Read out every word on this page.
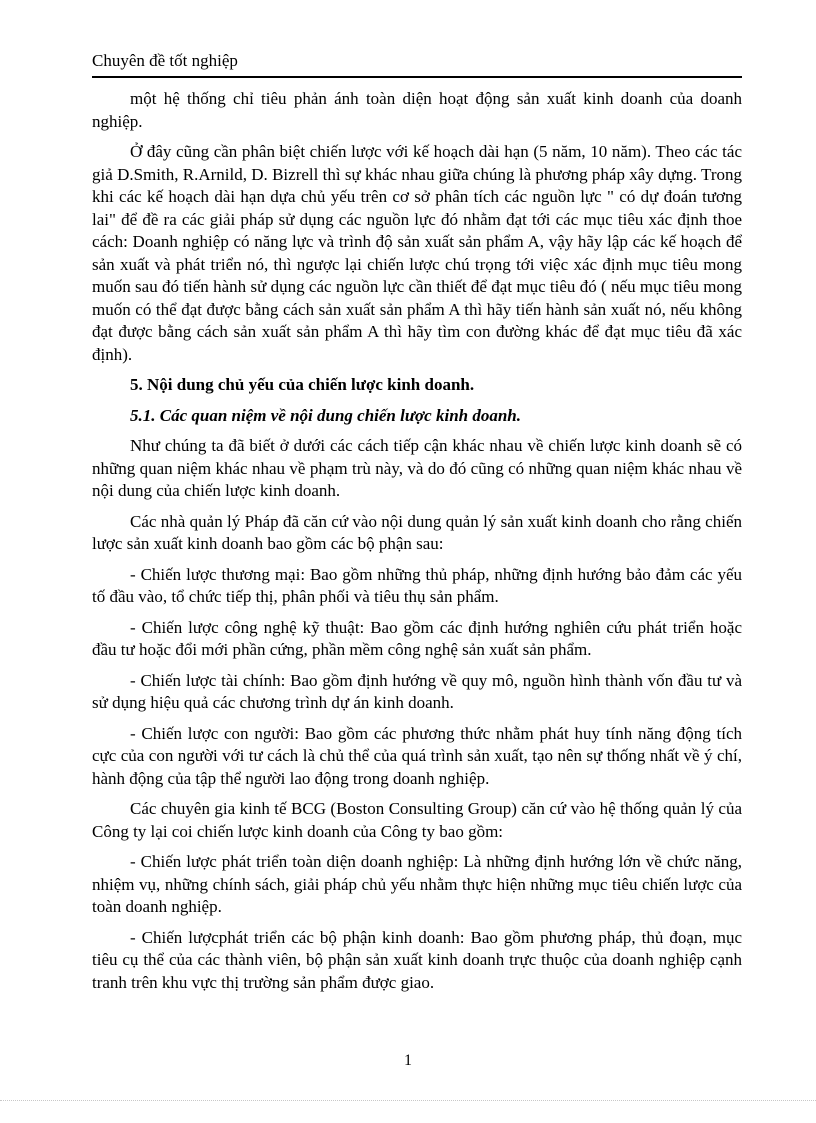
Chuyên đề tốt nghiệp

một hệ thống chỉ tiêu phản ánh toàn diện hoạt động sản xuất kinh doanh của doanh nghiệp.

Ở đây cũng cần phân biệt chiến lược với kế hoạch dài hạn (5 năm, 10 năm). Theo các tác giả D.Smith, R.Arnild, D. Bizrell thì sự khác nhau giữa chúng là phương pháp xây dựng. Trong khi các kế hoạch dài hạn dựa chủ yếu trên cơ sở phân tích các nguồn lực " có dự đoán tương lai" để đề ra các giải pháp sử dụng các nguồn lực đó nhằm đạt tới các mục tiêu xác định thoe cách: Doanh nghiệp có năng lực và trình độ sản xuất sản phẩm A, vậy hãy lập các kế hoạch để sản xuất và phát triển nó, thì ngược lại chiến lược chú trọng tới việc xác định mục tiêu mong muốn sau đó tiến hành sử dụng các nguồn lực cần thiết để đạt mục tiêu đó ( nếu mục tiêu mong muốn có thể đạt được bằng cách sản xuất sản phẩm A thì hãy tiến hành sản xuất nó, nếu không đạt được bằng cách sản xuất sản phẩm A thì hãy tìm con đường khác để đạt mục tiêu đã xác định).

5. Nội dung chủ yếu của chiến lược kinh doanh.
5.1. Các quan niệm về nội dung chiến lược kinh doanh.

Như chúng ta đã biết ở dưới các cách tiếp cận khác nhau về chiến lược kinh doanh sẽ có những quan niệm khác nhau về phạm trù này, và do đó cũng có những quan niệm khác nhau về nội dung của chiến lược kinh doanh.

Các nhà quản lý Pháp đã căn cứ vào nội dung quản lý sản xuất kinh doanh cho rằng chiến lược sản xuất kinh doanh bao gồm các bộ phận sau:

- Chiến lược thương mại: Bao gồm những thủ pháp, những định hướng bảo đảm các yếu tố đầu vào, tổ chức tiếp thị, phân phối và tiêu thụ sản phẩm.

- Chiến lược công nghệ kỹ thuật: Bao gồm các định hướng nghiên cứu phát triển hoặc đầu tư hoặc đổi mới phần cứng, phần mềm công nghệ sản xuất sản phẩm.

- Chiến lược tài chính: Bao gồm định hướng về quy mô, nguồn hình thành vốn đầu tư và sử dụng hiệu quả các chương trình dự án kinh doanh.

- Chiến lược con người: Bao gồm các phương thức nhằm phát huy tính năng động tích cực của con người với tư cách là chủ thể của quá trình sản xuất, tạo nên sự thống nhất về ý chí, hành động của tập thể người lao động trong doanh nghiệp.

Các chuyên gia kinh tế BCG (Boston Consulting Group) căn cứ vào hệ thống quản lý của Công ty lại coi chiến lược kinh doanh của Công ty bao gồm:

- Chiến lược phát triển toàn diện doanh nghiệp: Là những định hướng lớn về chức năng, nhiệm vụ, những chính sách, giải pháp chủ yếu nhằm thực hiện những mục tiêu chiến lược của toàn doanh nghiệp.

- Chiến lượcphát triển các bộ phận kinh doanh: Bao gồm phương pháp, thủ đoạn, mục tiêu cụ thể của các thành viên, bộ phận sản xuất kinh doanh trực thuộc của doanh nghiệp cạnh tranh trên khu vực thị trường sản phẩm được giao.

1
